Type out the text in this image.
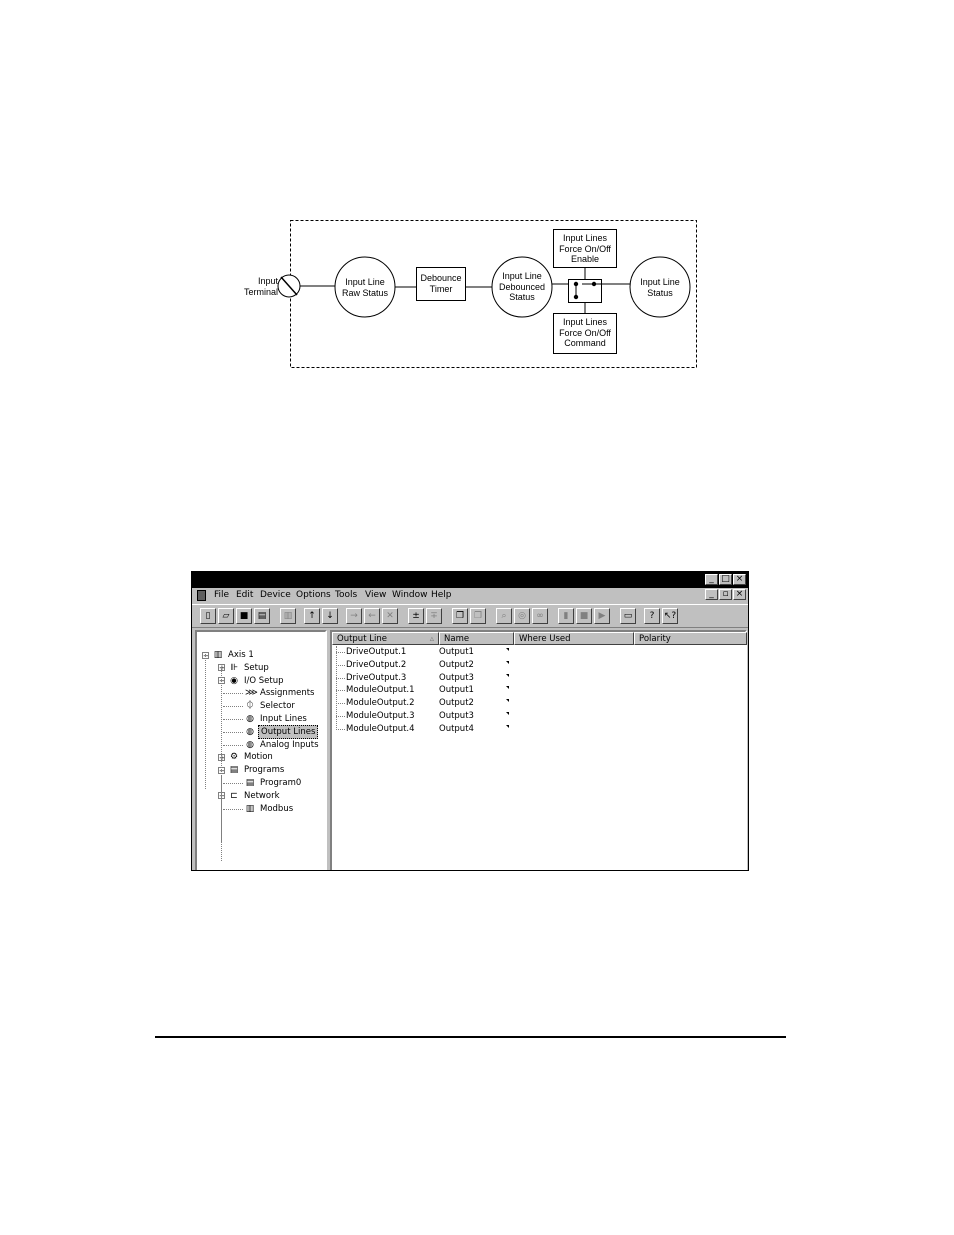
Input
Terminal
Input Line
Raw Status
Debounce
Timer
Input Line
Debounced
Status
Input Lines
Force On/Off
Enable
Input Lines
Force On/Off
Command
Input Line
Status
_ □ ×
File Edit Device Options Tools View Window Help	_ ▫ ×
▯	▱	■	▤	▥	↑	↓	→	←	✕	±	∓	❐	❐	⌕	◎	∞	▮	■	▶	▭	?	↖?
▥ Axis 1
−
⊪ Setup
+
◉ I/O Setup
−
⋙ Assignments
⏀ Selector
◍ Input Lines
◍ Output Lines
◍ Analog Inputs
⚙ Motion
+
▤ Programs
−
▤ Program0
⊏ Network
−
▥ Modbus
Output Line	▵	Name	Where Used	Polarity
DriveOutput.1	Output1
DriveOutput.2	Output2
DriveOutput.3	Output3
ModuleOutput.1	Output1
ModuleOutput.2	Output2
ModuleOutput.3	Output3
ModuleOutput.4	Output4
